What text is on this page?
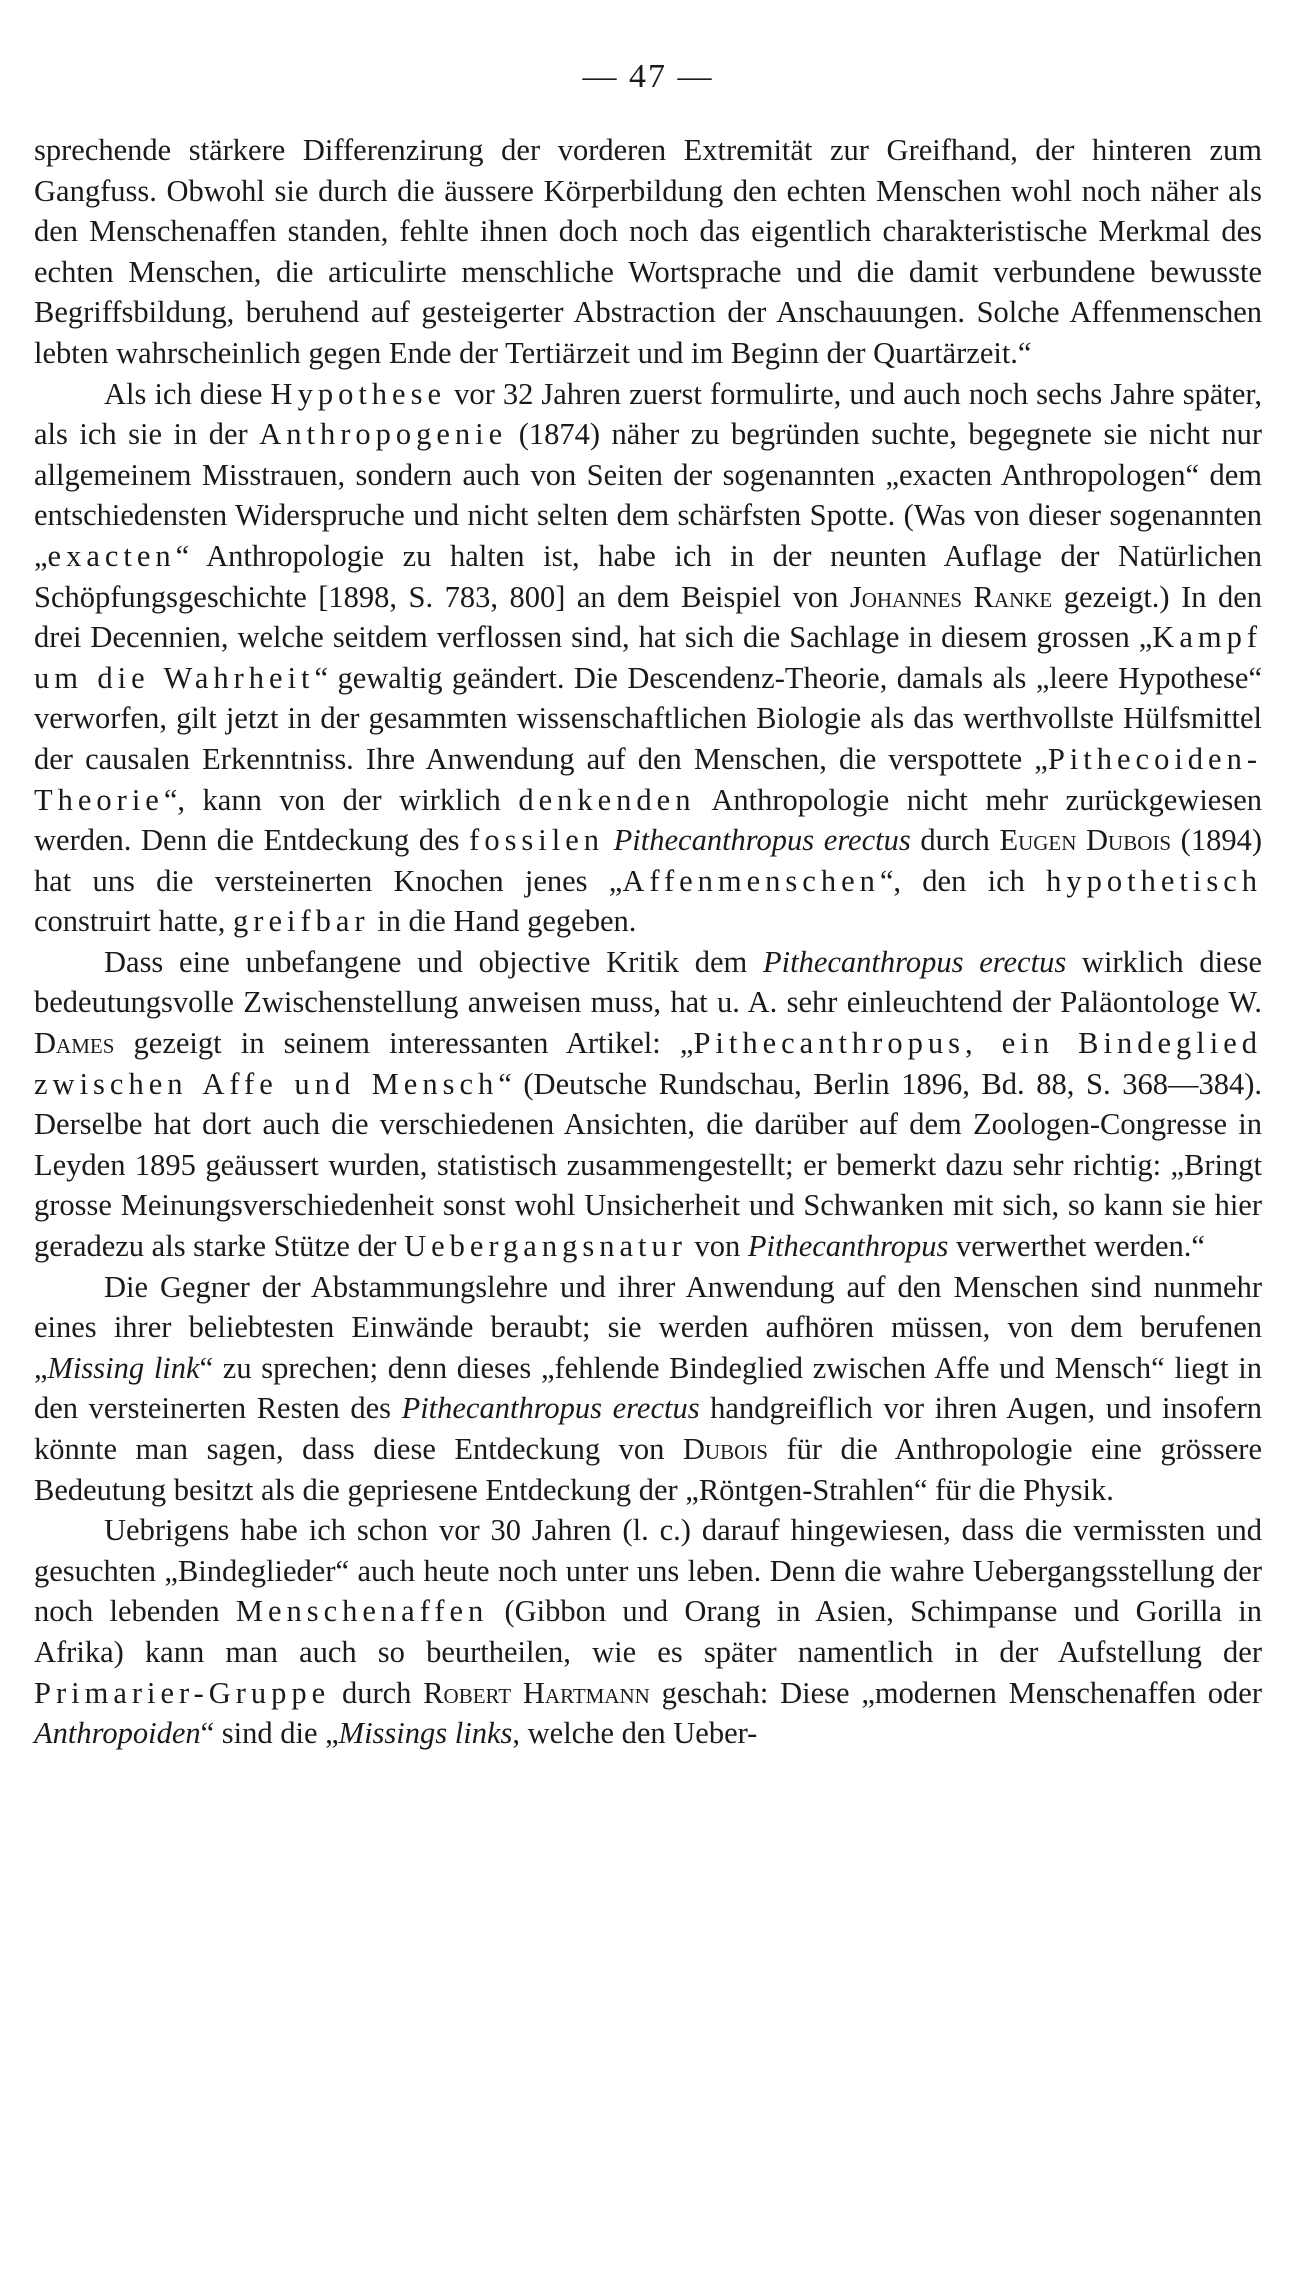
— 47 —

sprechende stärkere Differenzirung der vorderen Extremität zur Greifhand, der hinteren zum Gangfuss. Obwohl sie durch die äussere Körperbildung den echten Menschen wohl noch näher als den Menschenaffen standen, fehlte ihnen doch noch das eigentlich charakteristische Merkmal des echten Menschen, die articulirte menschliche Wortsprache und die damit verbundene bewusste Begriffsbildung, beruhend auf gesteigerter Abstraction der Anschauungen. Solche Affenmenschen lebten wahrscheinlich gegen Ende der Tertiärzeit und im Beginn der Quartärzeit.“

Als ich diese Hypothese vor 32 Jahren zuerst formulirte, und auch noch sechs Jahre später, als ich sie in der Anthropogenie (1874) näher zu begründen suchte, begegnete sie nicht nur allgemeinem Misstrauen, sondern auch von Seiten der sogenannten „exacten Anthropologen“ dem entschiedensten Widerspruche und nicht selten dem schärfsten Spotte. (Was von dieser sogenannten „exacten“ Anthropologie zu halten ist, habe ich in der neunten Auflage der Natürlichen Schöpfungsgeschichte [1898, S. 783, 800] an dem Beispiel von Johannes Ranke gezeigt.) In den drei Decennien, welche seitdem verflossen sind, hat sich die Sachlage in diesem grossen „Kampf um die Wahrheit“ gewaltig geändert. Die Descendenz-Theorie, damals als „leere Hypothese“ verworfen, gilt jetzt in der gesammten wissenschaftlichen Biologie als das werthvollste Hülfsmittel der causalen Erkenntniss. Ihre Anwendung auf den Menschen, die verspottete „Pithecoiden-Theorie“, kann von der wirklich denkenden Anthropologie nicht mehr zurückgewiesen werden. Denn die Entdeckung des fossilen Pithecanthropus erectus durch Eugen Dubois (1894) hat uns die versteinerten Knochen jenes „Affenmenschen“, den ich hypothetisch construirt hatte, greifbar in die Hand gegeben.

Dass eine unbefangene und objective Kritik dem Pithecanthropus erectus wirklich diese bedeutungsvolle Zwischenstellung anweisen muss, hat u. A. sehr einleuchtend der Paläontologe W. Dames gezeigt in seinem interessanten Artikel: „Pithecanthropus, ein Bindeglied zwischen Affe und Mensch“ (Deutsche Rundschau, Berlin 1896, Bd. 88, S. 368—384). Derselbe hat dort auch die verschiedenen Ansichten, die darüber auf dem Zoologen-Congresse in Leyden 1895 geäussert wurden, statistisch zusammengestellt; er bemerkt dazu sehr richtig: „Bringt grosse Meinungsverschiedenheit sonst wohl Unsicherheit und Schwanken mit sich, so kann sie hier geradezu als starke Stütze der Uebergangsnatur von Pithecanthropus verwerthet werden.“

Die Gegner der Abstammungslehre und ihrer Anwendung auf den Menschen sind nunmehr eines ihrer beliebtesten Einwände beraubt; sie werden aufhören müssen, von dem berufenen „Missing link“ zu sprechen; denn dieses „fehlende Bindeglied zwischen Affe und Mensch“ liegt in den versteinerten Resten des Pithecanthropus erectus handgreiflich vor ihren Augen, und insofern könnte man sagen, dass diese Entdeckung von Dubois für die Anthropologie eine grössere Bedeutung besitzt als die gepriesene Entdeckung der „Röntgen-Strahlen“ für die Physik.

Uebrigens habe ich schon vor 30 Jahren (l. c.) darauf hingewiesen, dass die vermissten und gesuchten „Bindeglieder“ auch heute noch unter uns leben. Denn die wahre Uebergangsstellung der noch lebenden Menschenaffen (Gibbon und Orang in Asien, Schimpanse und Gorilla in Afrika) kann man auch so beurtheilen, wie es später namentlich in der Aufstellung der Primarier-Gruppe durch Robert Hartmann geschah: Diese „modernen Menschenaffen oder Anthropoiden“ sind die „Missings links, welche den Ueber-
